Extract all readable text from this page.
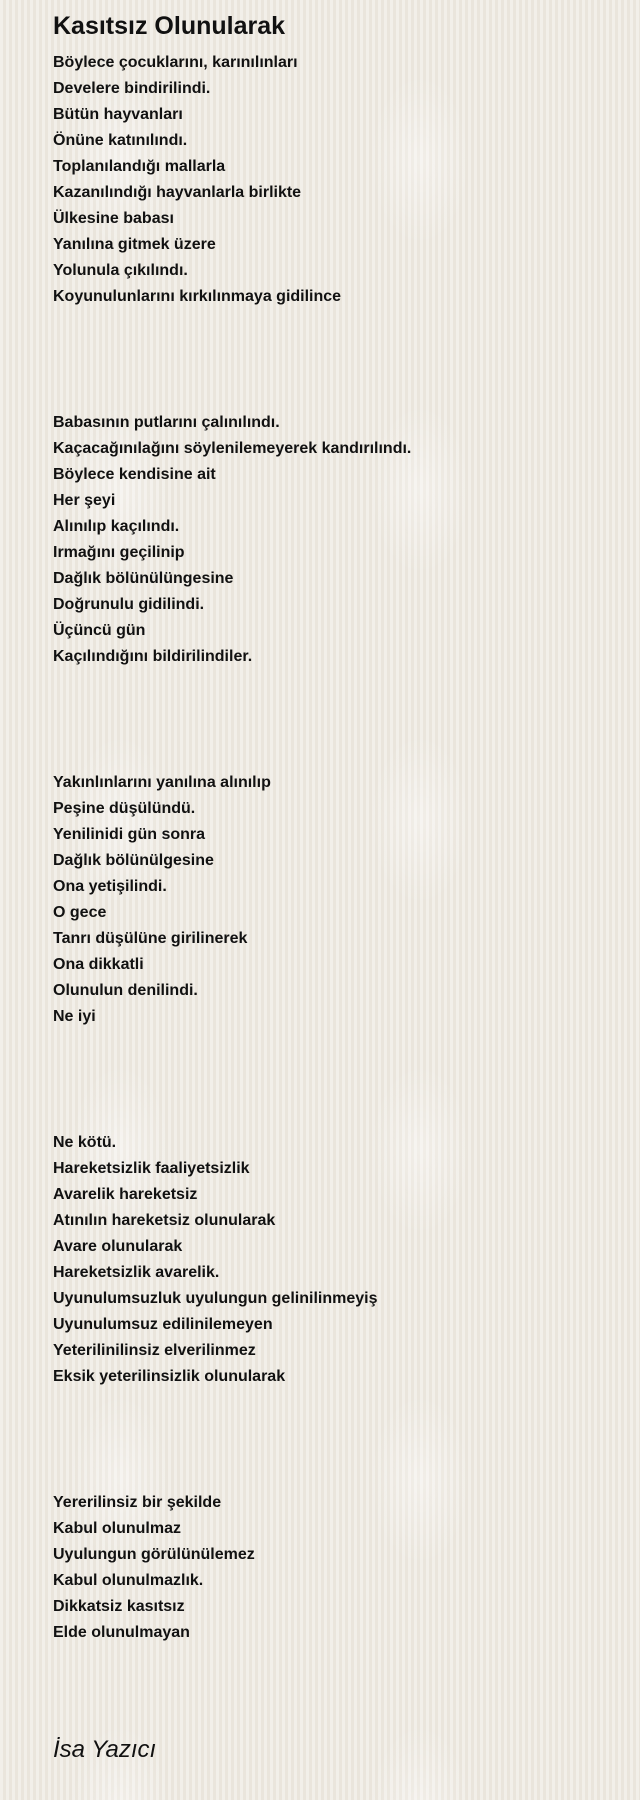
Kasıtsız Olunularak
Böylece çocuklarını, karınılınları
Develere bindirilindi.
Bütün hayvanları
Önüne katınılındı.
Toplanılandığı mallarla
Kazanılındığı hayvanlarla birlikte
Ülkesine babası
Yanılına gitmek üzere
Yolunula çıkılındı.
Koyunulunlarını kırkılınmaya gidilince
Babasının putlarını çalınılındı.
Kaçacağınılağını söylenilemeyerek kandırılındı.
Böylece kendisine ait
Her şeyi
Alınılıp kaçılındı.
Irmağını geçilinip
Dağlık bölünülüngesine
Doğrunulu gidilindi.
Üçüncü gün
Kaçılındığını bildirilindiler.
Yakınlınlarını yanılına alınılıp
Peşine düşülündü.
Yenilinidi gün sonra
Dağlık bölünülgesine
Ona yetişilindi.
O gece
Tanrı düşülüne girilinerek
Ona dikkatli
Olunulun denilindi.
Ne iyi
Ne kötü.
Hareketsizlik faaliyetsizlik
Avarelik hareketsiz
Atınılın hareketsiz olunularak
Avare olunularak
Hareketsizlik avarelik.
Uyunulumsuzluk uyulungun gelinilinmeyiş
Uyunulumsuz edilinilemeyen
Yeterilinilinsiz elverilinmez
Eksik yeterilinsizlik olunularak
Yererilinsiz bir şekilde
Kabul olunulmaz
Uyulungun görülünülemez
Kabul olunulmazlık.
Dikkatsiz kasıtsız
Elde olunulmayan
İsa Yazıcı
